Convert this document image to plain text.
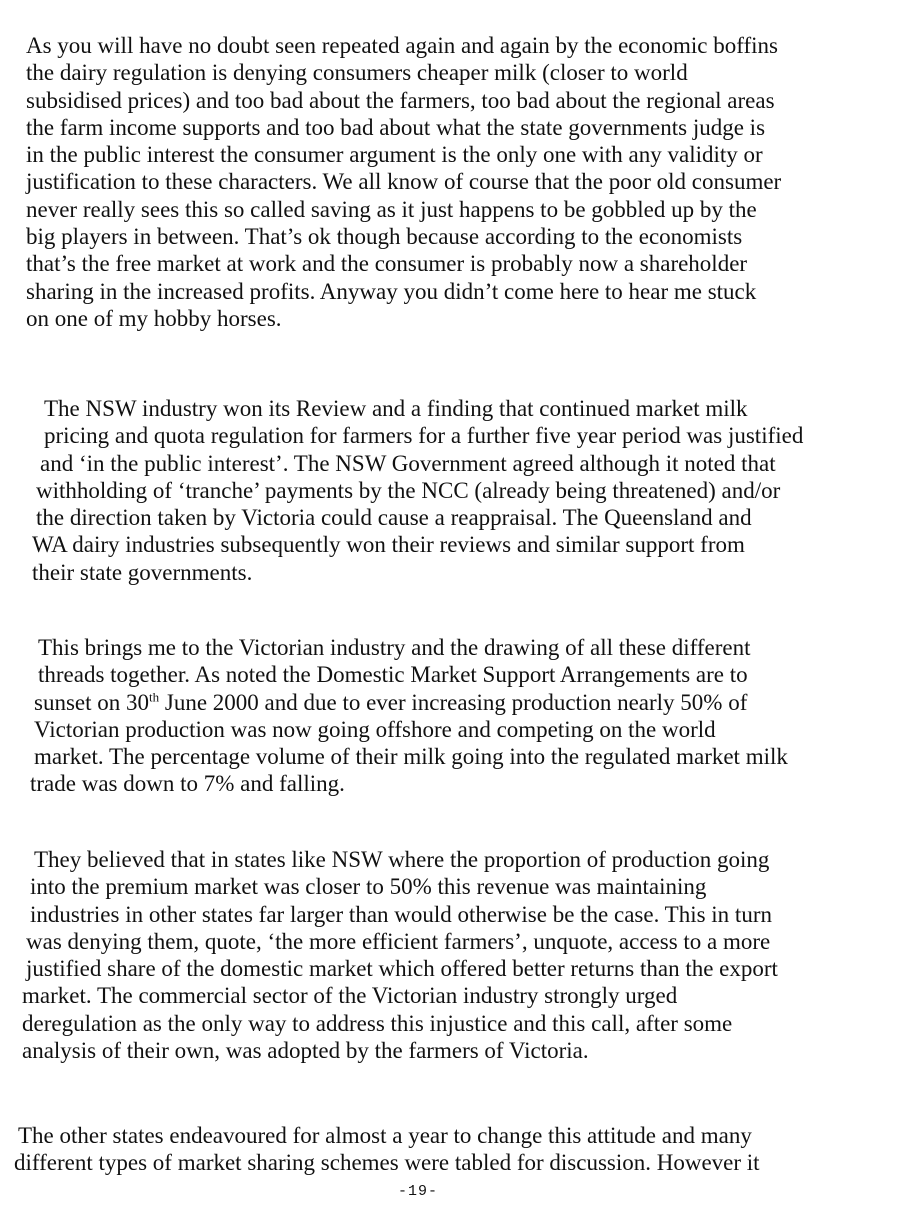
As you will have no doubt seen repeated again and again by the economic boffins
the dairy regulation is denying consumers cheaper milk (closer to world
subsidised prices) and too bad about the farmers, too bad about the regional areas
the farm income supports and too bad about what the state governments judge is
in the public interest the consumer argument is the only one with any validity or
justification to these characters. We all know of course that the poor old consumer
never really sees this so called saving as it just happens to be gobbled up by the
big players in between. That’s ok though because according to the economists
that’s the free market at work and the consumer is probably now a shareholder
sharing in the increased profits. Anyway you didn’t come here to hear me stuck
on one of my hobby horses.

The NSW industry won its Review and a finding that continued market milk
pricing and quota regulation for farmers for a further five year period was justified
and ‘in the public interest’. The NSW Government agreed although it noted that
withholding of ‘tranche’ payments by the NCC (already being threatened) and/or
the direction taken by Victoria could cause a reappraisal. The Queensland and
WA dairy industries subsequently won their reviews and similar support from
their state governments.

This brings me to the Victorian industry and the drawing of all these different
threads together. As noted the Domestic Market Support Arrangements are to
sunset on 30th June 2000 and due to ever increasing production nearly 50% of
Victorian production was now going offshore and competing on the world
market. The percentage volume of their milk going into the regulated market milk
trade was down to 7% and falling.

They believed that in states like NSW where the proportion of production going
into the premium market was closer to 50% this revenue was maintaining
industries in other states far larger than would otherwise be the case. This in turn
was denying them, quote, ‘the more efficient farmers’, unquote, access to a more
justified share of the domestic market which offered better returns than the export
market. The commercial sector of the Victorian industry strongly urged
deregulation as the only way to address this injustice and this call, after some
analysis of their own, was adopted by the farmers of Victoria.

The other states endeavoured for almost a year to change this attitude and many
different types of market sharing schemes were tabled for discussion. However it

-19-
